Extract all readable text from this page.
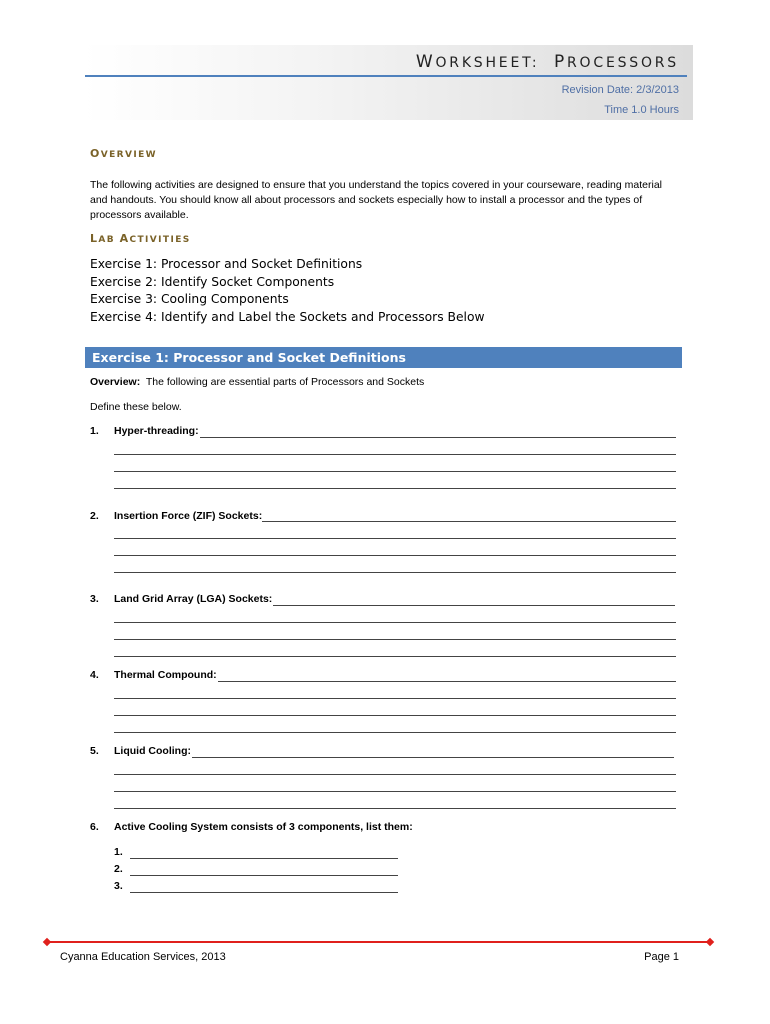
WORKSHEET:  PROCESSORS
Revision Date: 2/3/2013
Time 1.0 Hours
OVERVIEW
The following activities are designed to ensure that you understand the topics covered in your courseware, reading material and handouts. You should know all about processors and sockets especially how to install a processor and the types of processors available.
LAB ACTIVITIES
Exercise 1: Processor and Socket Definitions
Exercise 2: Identify Socket Components
Exercise 3: Cooling Components
Exercise 4: Identify and Label the Sockets and Processors Below
Exercise 1: Processor and Socket Definitions
Overview:  The following are essential parts of Processors and Sockets
Define these below.
1. Hyper-threading:
2. Insertion Force (ZIF) Sockets:
3. Land Grid Array (LGA) Sockets:
4. Thermal Compound:
5. Liquid Cooling:
6. Active Cooling System consists of 3 components, list them:
1.
2.
3.
Cyanna Education Services, 2013	Page 1
